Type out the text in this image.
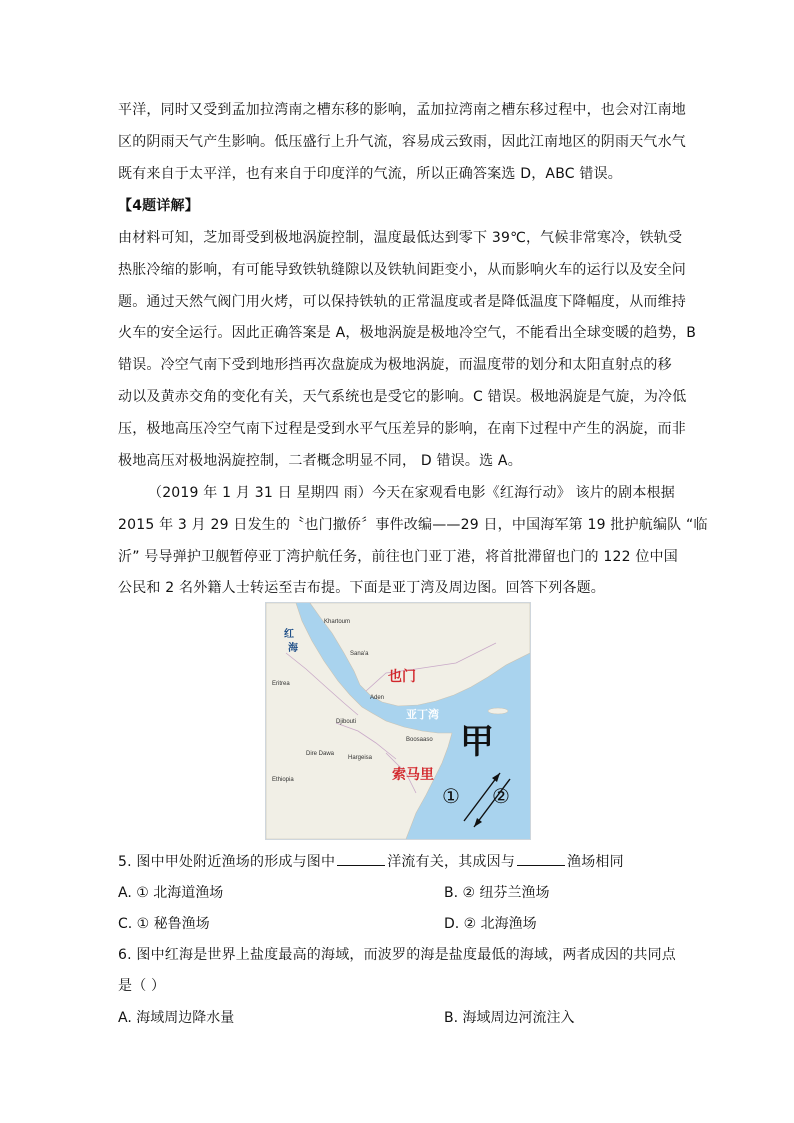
平洋，同时又受到孟加拉湾南之槽东移的影响，孟加拉湾南之槽东移过程中，也会对江南地
区的阴雨天气产生影响。低压盛行上升气流，容易成云致雨，因此江南地区的阴雨天气水气
既有来自于太平洋，也有来自于印度洋的气流，所以正确答案选 D，ABC 错误。
【4题详解】
由材料可知，芝加哥受到极地涡旋控制，温度最低达到零下 39℃，气候非常寒冷，铁轨受
热胀冷缩的影响，有可能导致铁轨缝隙以及铁轨间距变小，从而影响火车的运行以及安全问
题。通过天然气阀门用火烤，可以保持铁轨的正常温度或者是降低温度下降幅度，从而维持
火车的安全运行。因此正确答案是 A，极地涡旋是极地冷空气，不能看出全球变暖的趋势，B
错误。冷空气南下受到地形挡再次盘旋成为极地涡旋，而温度带的划分和太阳直射点的移
动以及黄赤交角的变化有关，天气系统也是受它的影响。C 错误。极地涡旋是气旋，为冷低
压，极地高压冷空气南下过程是受到水平气压差异的影响，在南下过程中产生的涡旋，而非
极地高压对极地涡旋控制，二者概念明显不同， D 错误。选 A。
（2019 年 1 月 31 日 星期四 雨）今天在家观看电影《红海行动》 该片的剧本根据
2015 年 3 月 29 日发生的〝也门撤侨〞事件改编——29 日，中国海军第 19 批护航编队 “临
沂” 号导弹护卫舰暂停亚丁湾护航任务，前往也门亚丁港，将首批滞留也门的 122 位中国
公民和 2 名外籍人士转运至吉布提。下面是亚丁湾及周边图。回答下列各题。
Khartoum
Sana'a
Eritrea
Aden
Djibouti
Boosaaso
Dire Dawa
Hargeisa
Ethiopia
红
海
也门
亚丁湾
索马里
甲
① ②
5. 图中甲处附近渔场的形成与图中	洋流有关，其成因与	渔场相同
A. ① 北海道渔场	B. ② 纽芬兰渔场
C. ① 秘鲁渔场	D. ② 北海渔场
6. 图中红海是世界上盐度最高的海域，而波罗的海是盐度最低的海域，两者成因的共同点
是（ ）
A. 海域周边降水量	B. 海域周边河流注入
